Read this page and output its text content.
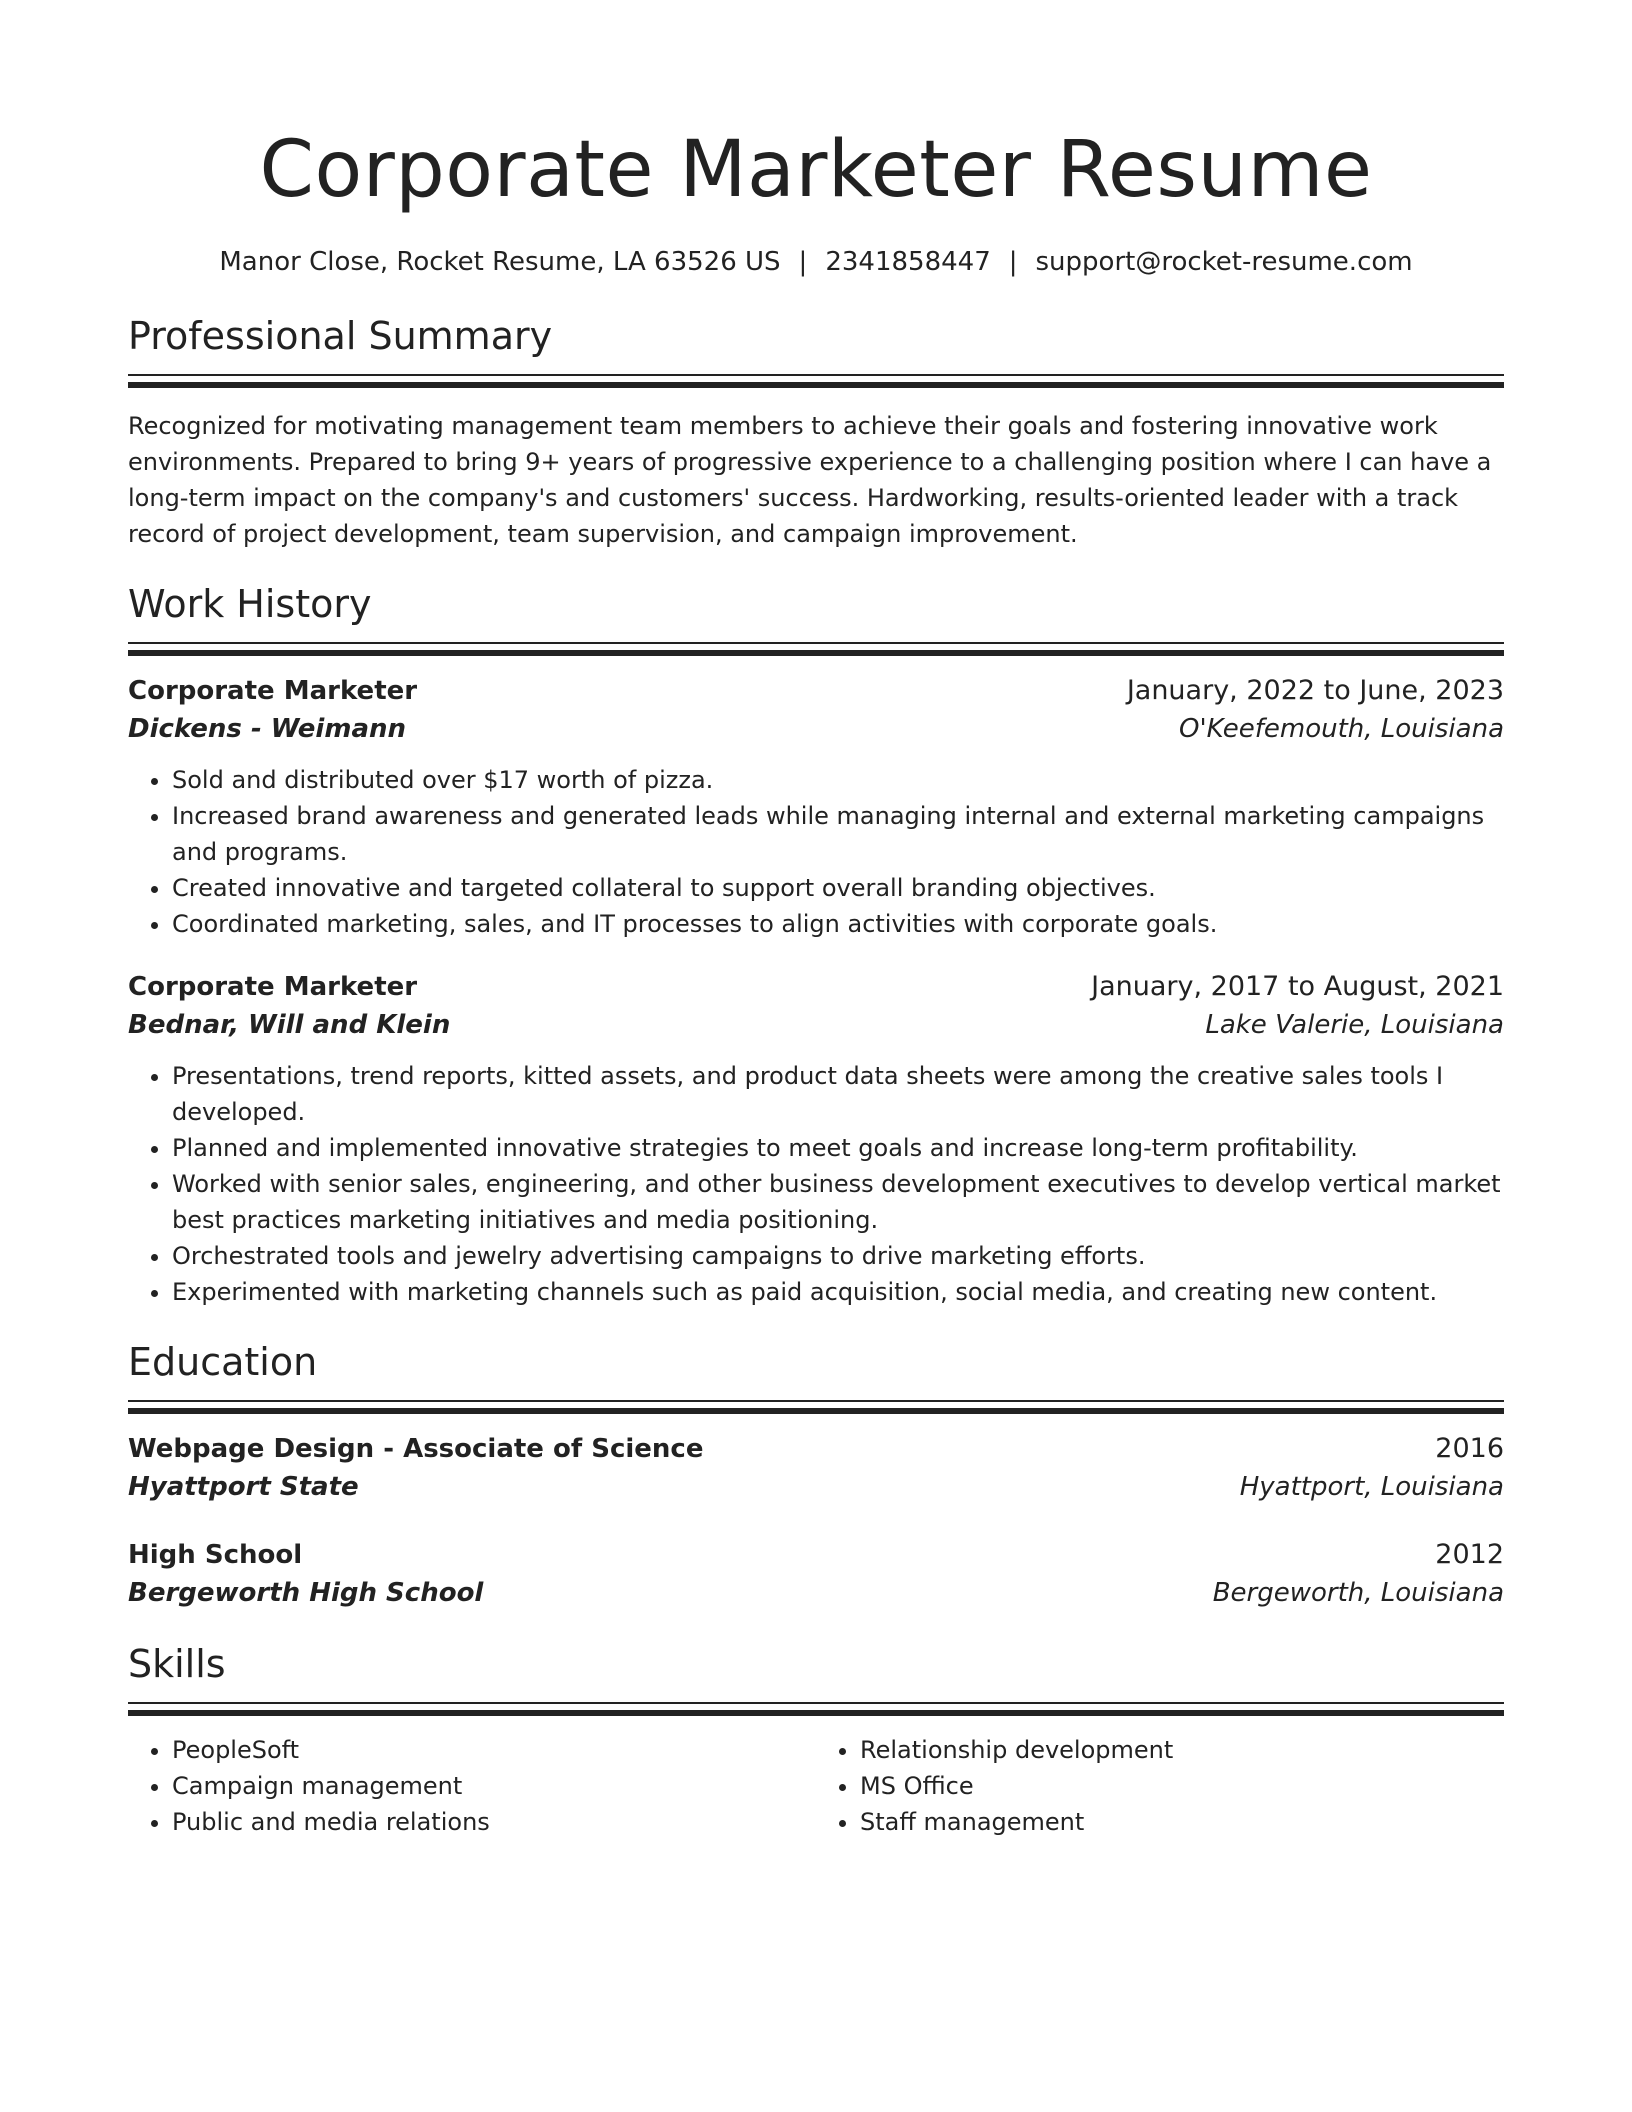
Corporate Marketer Resume
Manor Close, Rocket Resume, LA 63526 US | 2341858447 | support@rocket-resume.com
Professional Summary

Recognized for motivating management team members to achieve their goals and fostering innovative work environments. Prepared to bring 9+ years of progressive experience to a challenging position where I can have a long-term impact on the company's and customers' success. Hardworking, results-oriented leader with a track record of project development, team supervision, and campaign improvement.

Work History
Corporate Marketer	January, 2022 to June, 2023
Dickens - Weimann	O'Keefemouth, Louisiana
• Sold and distributed over $17 worth of pizza.
• Increased brand awareness and generated leads while managing internal and external marketing campaigns and programs.
• Created innovative and targeted collateral to support overall branding objectives.
• Coordinated marketing, sales, and IT processes to align activities with corporate goals.
Corporate Marketer	January, 2017 to August, 2021
Bednar, Will and Klein	Lake Valerie, Louisiana
• Presentations, trend reports, kitted assets, and product data sheets were among the creative sales tools I developed.
• Planned and implemented innovative strategies to meet goals and increase long-term profitability.
• Worked with senior sales, engineering, and other business development executives to develop vertical market best practices marketing initiatives and media positioning.
• Orchestrated tools and jewelry advertising campaigns to drive marketing efforts.
• Experimented with marketing channels such as paid acquisition, social media, and creating new content.
Education
Webpage Design - Associate of Science	2016
Hyattport State	Hyattport, Louisiana
High School	2012
Bergeworth High School	Bergeworth, Louisiana
Skills
• PeopleSoft
• Campaign management
• Public and media relations
• Relationship development
• MS Office
• Staff management
